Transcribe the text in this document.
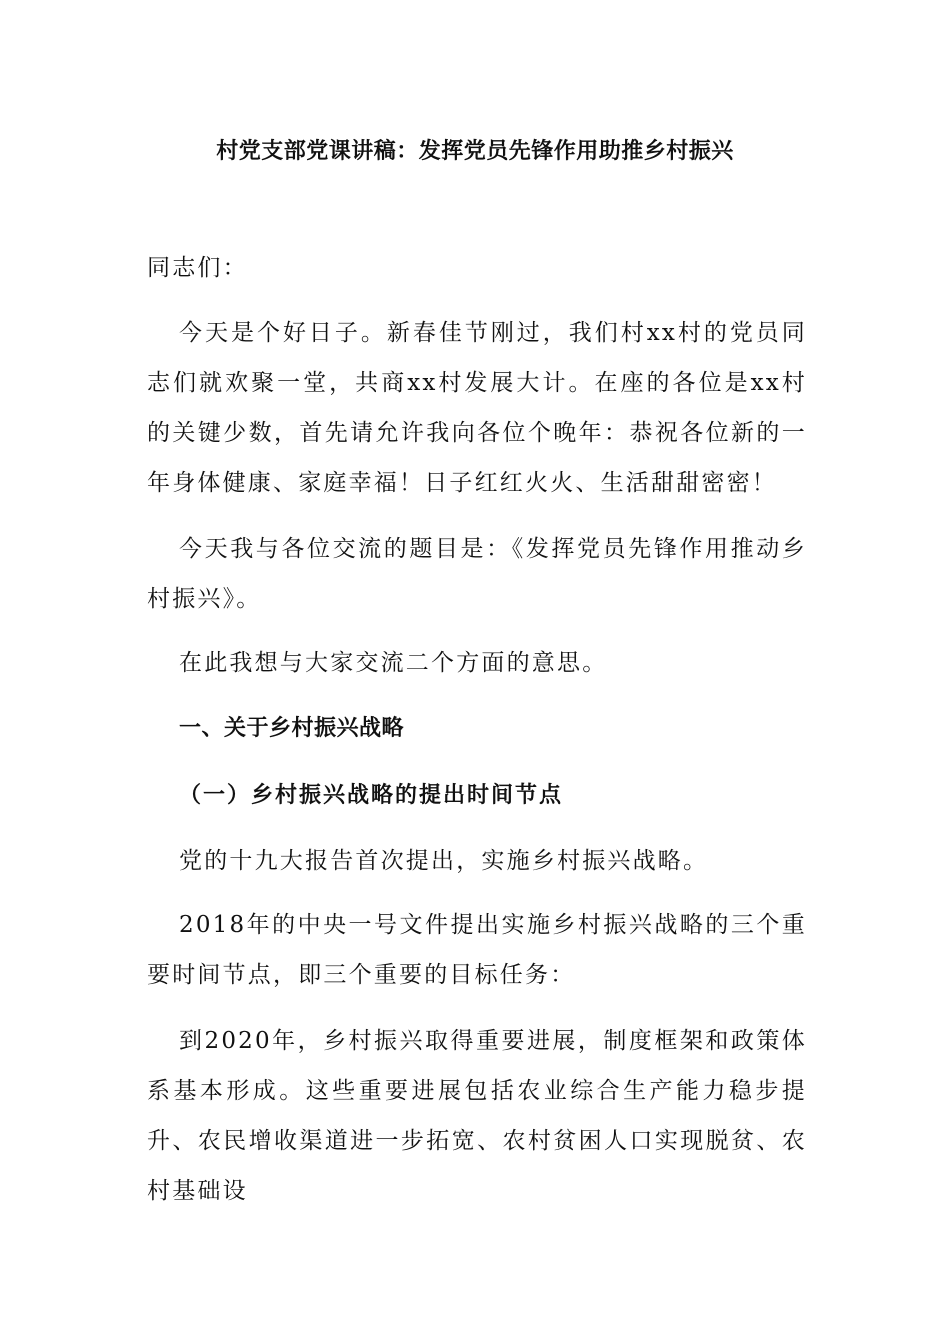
村党支部党课讲稿：发挥党员先锋作用助推乡村振兴
同志们：
今天是个好日子。新春佳节刚过，我们村xx村的党员同志们就欢聚一堂，共商xx村发展大计。在座的各位是xx村的关键少数，首先请允许我向各位个晚年：恭祝各位新的一年身体健康、家庭幸福！日子红红火火、生活甜甜密密！
今天我与各位交流的题目是：《发挥党员先锋作用推动乡村振兴》。
在此我想与大家交流二个方面的意思。
一、关于乡村振兴战略
（一）乡村振兴战略的提出时间节点
党的十九大报告首次提出，实施乡村振兴战略。
2018年的中央一号文件提出实施乡村振兴战略的三个重要时间节点，即三个重要的目标任务：
到2020年，乡村振兴取得重要进展，制度框架和政策体系基本形成。这些重要进展包括农业综合生产能力稳步提升、农民增收渠道进一步拓宽、农村贫困人口实现脱贫、农村基础设
